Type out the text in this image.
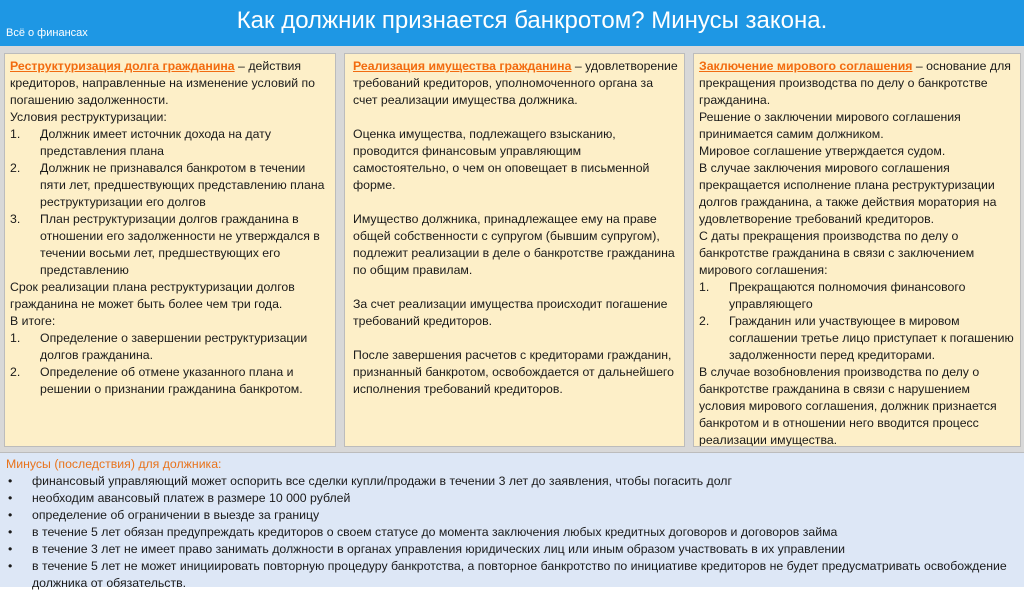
Всё о финансах	Как должник признается банкротом? Минусы закона.

Реструктуризация долга гражданина – действия кредиторов, направленные на изменение условий по погашению задолженности.

Условия реструктуризации:

1. Должник имеет источник дохода на дату представления плана
2. Должник не признавался банкротом в течении пяти лет, предшествующих представлению плана реструктуризации его долгов
3. План реструктуризации долгов гражданина в отношении его задолженности не утверждался в течении восьми лет, предшествующих его представлению

Срок реализации плана реструктуризации долгов гражданина не может быть более чем три года.

В итоге:

1. Определение о завершении реструктуризации долгов гражданина.
2. Определение об отмене указанного плана и решении о признании гражданина банкротом.

Реализация имущества гражданина – удовлетворение требований кредиторов, уполномоченного органа за счет реализации имущества должника.

Оценка имущества, подлежащего взысканию, проводится финансовым управляющим самостоятельно, о чем он оповещает в письменной форме.

Имущество должника, принадлежащее ему на праве общей собственности с супругом (бывшим супругом), подлежит реализации в деле о банкротстве гражданина по общим правилам.

За счет реализации имущества происходит погашение требований кредиторов.

После завершения расчетов с кредиторами гражданин, признанный банкротом, освобождается от дальнейшего исполнения требований кредиторов.

Заключение мирового соглашения – основание для прекращения производства по делу о банкротстве гражданина.

Решение о заключении мирового соглашения принимается самим должником.

Мировое соглашение утверждается судом.

В случае заключения мирового соглашения прекращается исполнение плана реструктуризации долгов гражданина, а также действия моратория на удовлетворение требований кредиторов.

С даты прекращения производства по делу о банкротстве гражданина в связи с заключением мирового соглашения:

1. Прекращаются полномочия финансового управляющего
2. Гражданин или участвующее в мировом соглашении третье лицо приступает к погашению задолженности перед кредиторами.

В случае возобновления производства по делу о банкротстве гражданина в связи с нарушением условия мирового соглашения, должник признается банкротом и в отношении него вводится процесс реализации имущества.

Минусы (последствия) для должника:
• финансовый управляющий может оспорить все сделки купли/продажи в течении 3 лет до заявления, чтобы погасить долг
• необходим авансовый платеж в размере 10 000 рублей
• определение об ограничении в выезде за границу
• в течение 5 лет обязан предупреждать кредиторов о своем статусе до момента заключения любых кредитных договоров и договоров займа
• в течение 3 лет не имеет право занимать должности в органах управления юридических лиц или иным образом участвовать в их управлении
• в течение 5 лет не может инициировать повторную процедуру банкротства, а повторное банкротство по инициативе кредиторов не будет предусматривать освобождение должника от обязательств.
